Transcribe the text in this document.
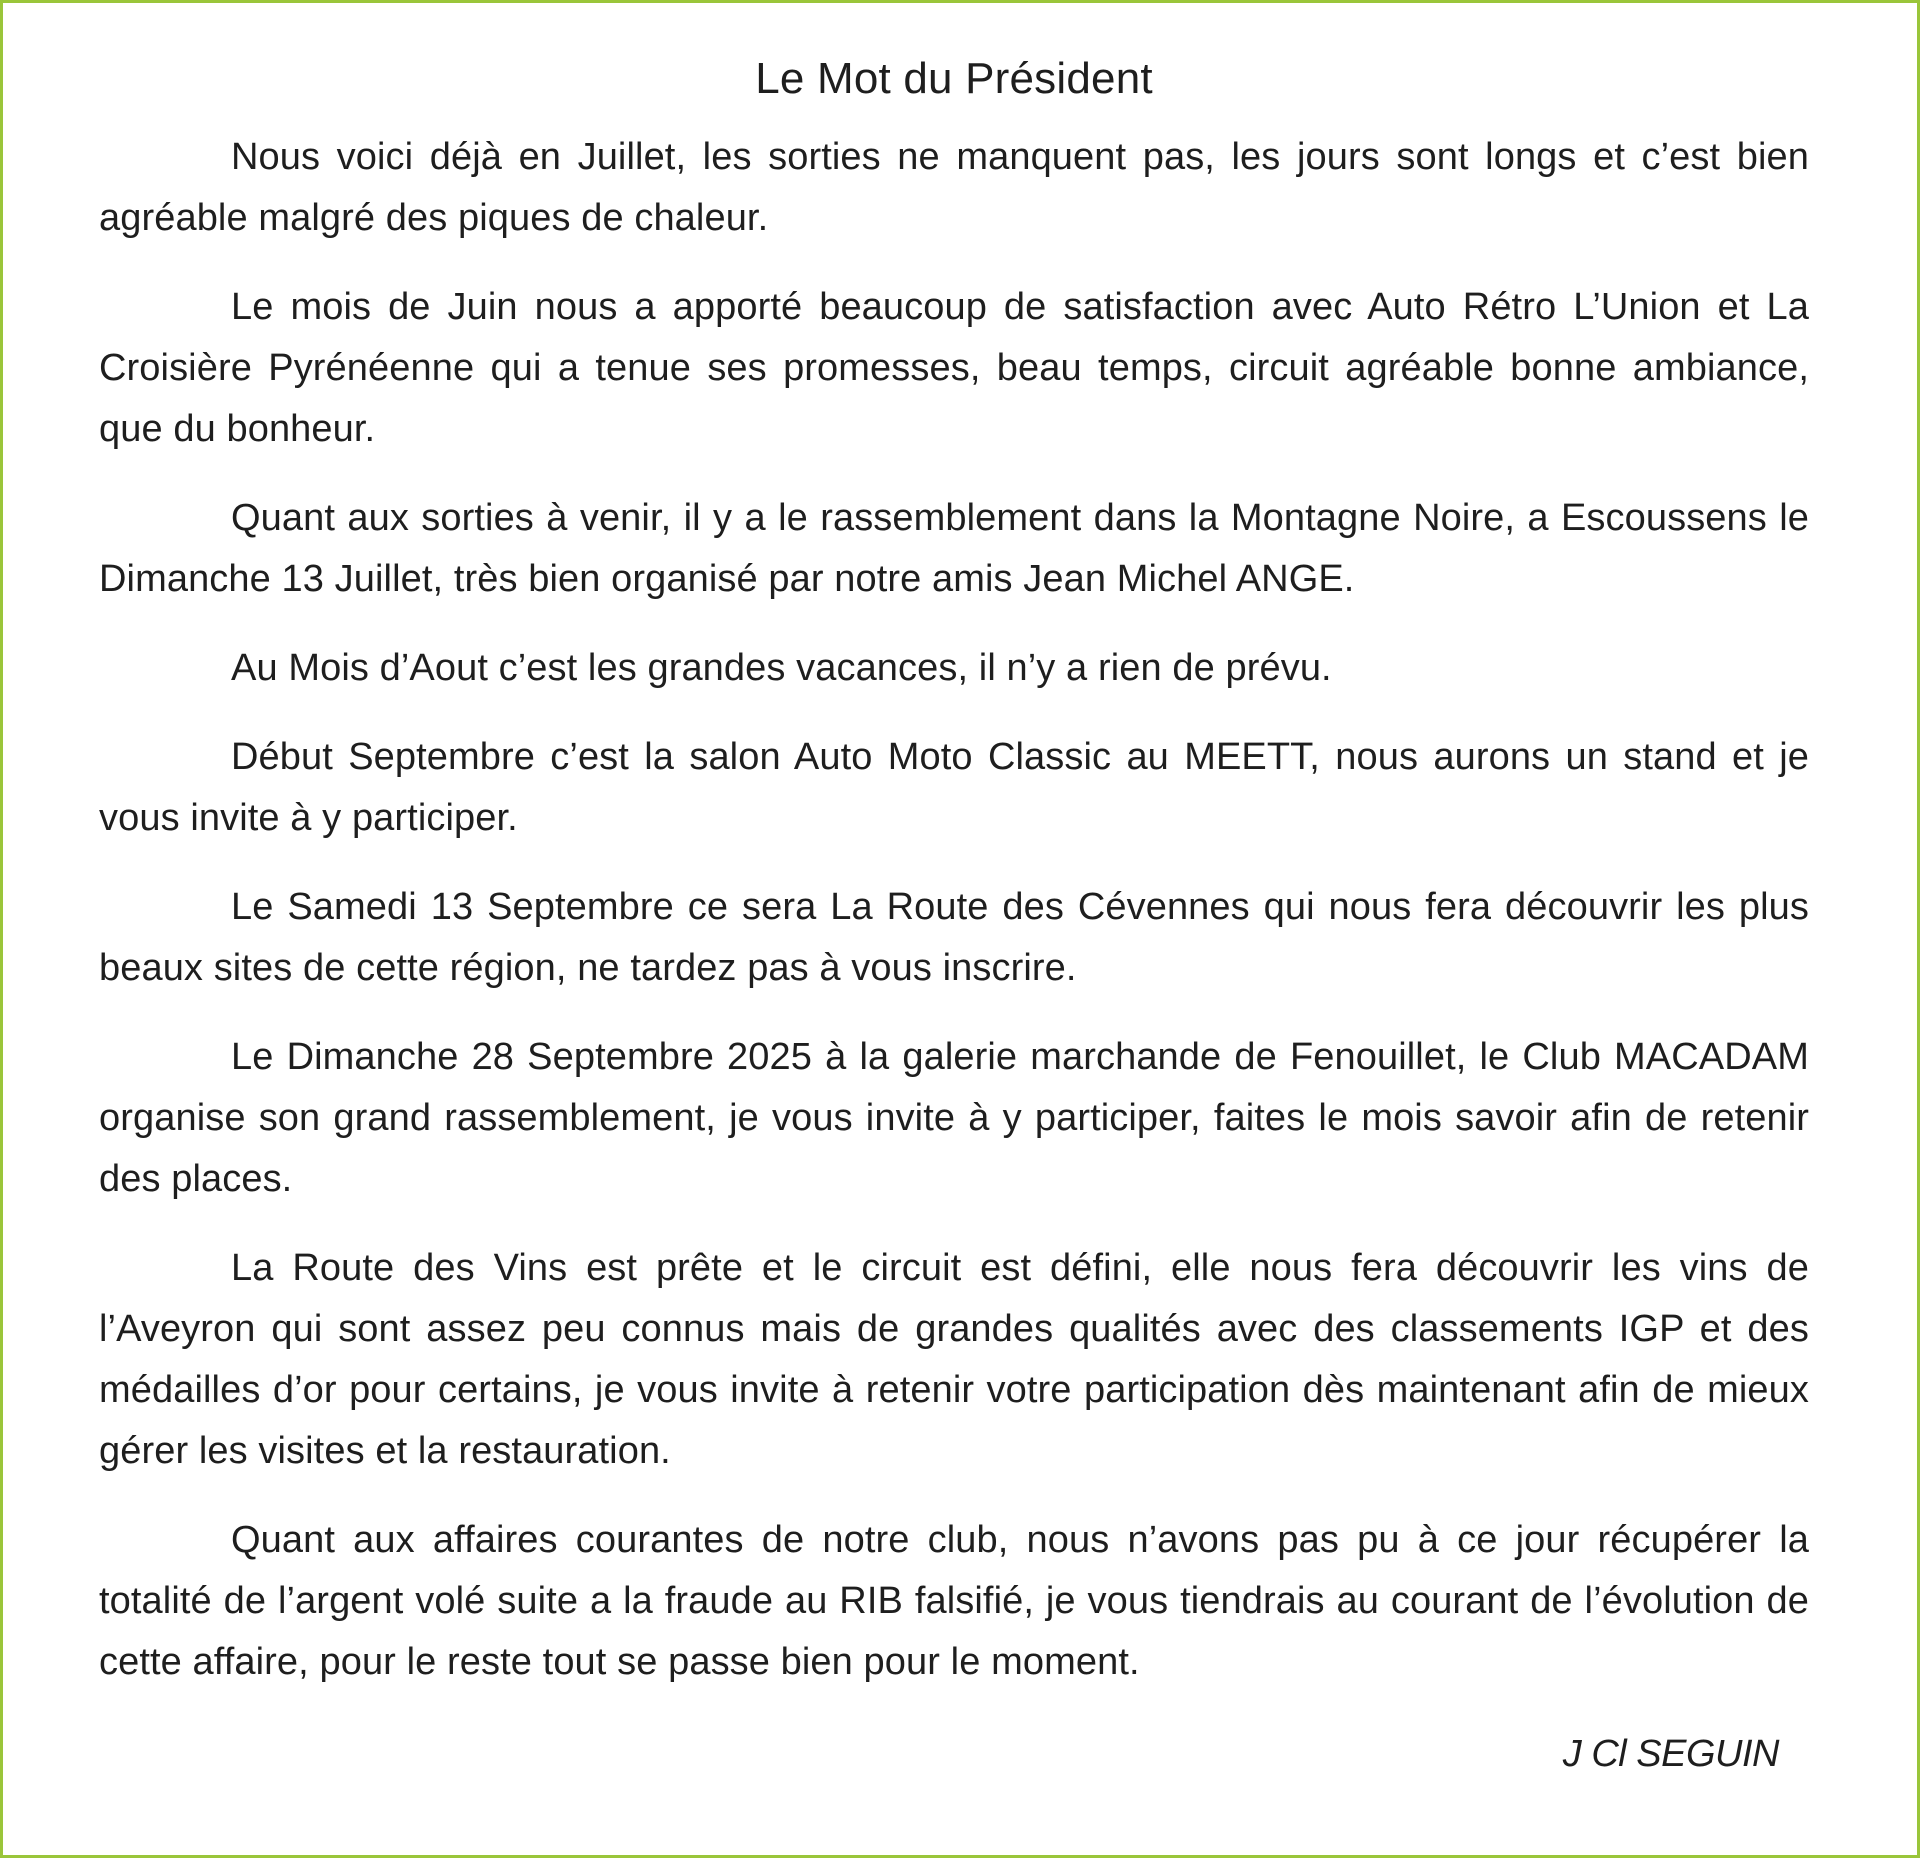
Le Mot du Président

Nous voici déjà en Juillet, les sorties ne manquent pas, les jours sont longs et c’est bien agréable malgré des piques de chaleur.

Le mois de Juin nous a apporté beaucoup de satisfaction avec Auto Rétro L’Union et La Croisière Pyrénéenne qui a tenue ses promesses, beau temps, circuit agréable bonne ambiance, que du bonheur.

Quant aux sorties à venir, il y a le rassemblement dans la Montagne Noire, a Escoussens le Dimanche 13 Juillet, très bien organisé par notre amis Jean Michel ANGE.

Au Mois d’Aout c’est les grandes vacances, il n’y a rien de prévu.

Début Septembre c’est la salon Auto Moto Classic au MEETT, nous aurons un stand et je vous invite à y participer.

Le Samedi 13 Septembre ce sera La Route des Cévennes qui nous fera découvrir les plus beaux sites de cette région, ne tardez pas à vous inscrire.

Le Dimanche 28 Septembre 2025 à la galerie marchande de Fenouillet, le Club MACADAM organise son grand rassemblement, je vous invite à y participer, faites le mois savoir afin de retenir des places.

La Route des Vins est prête et le circuit est défini, elle nous fera découvrir les vins de l’Aveyron qui sont assez peu connus mais de grandes qualités avec des classements IGP et des médailles d’or pour certains, je vous invite à retenir votre participation dès maintenant afin de mieux gérer les visites et la restauration.

Quant aux affaires courantes de notre club, nous n’avons pas pu à ce jour récupérer la totalité de l’argent volé suite a la fraude au RIB falsifié, je vous tiendrais au courant de l’évolution de cette affaire, pour le reste tout se passe bien pour le moment.

J Cl SEGUIN
